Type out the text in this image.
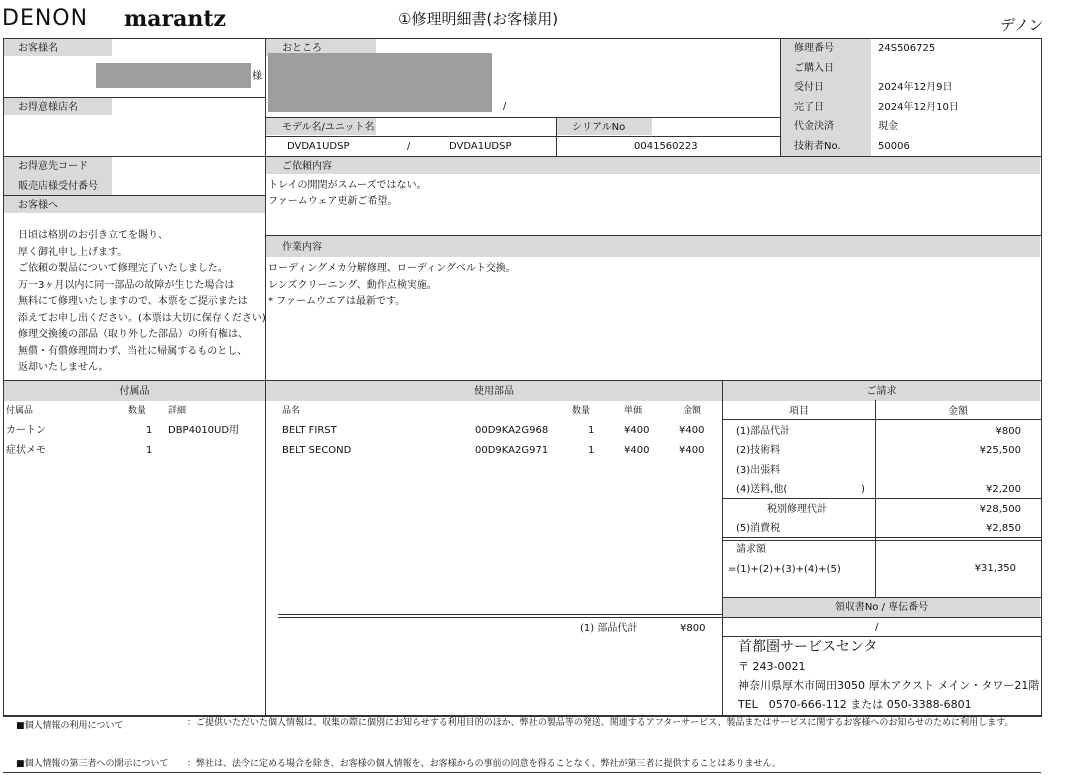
DENON marantz	①修理明細書(お客様用)	デノン
お客様名
様
お得意様店名
お得意先コード
販売店様受付番号
お客様へ
日頃は格別のお引き立てを賜り、
厚く御礼申し上げます。
ご依頼の製品について修理完了いたしました。
万一3ヶ月以内に同一部品の故障が生じた場合は
無料にて修理いたしますので、本票をご提示または
添えてお申し出ください。(本票は大切に保存ください)
修理交換後の部品（取り外した部品）の所有権は、
無償・有償修理問わず、当社に帰属するものとし、
返却いたしません。
おところ
/
モデル名/ユニット名	シリアルNo
DVDA1UDSP	/	DVDA1UDSP	0041560223
修理番号	24S506725
ご購入日
受付日	2024年12月9日
完了日	2024年12月10日
代金決済	現金
技術者No.	50006
ご依頼内容
トレイの開閉がスムーズではない。
ファームウェア更新ご希望。
作業内容
ローディングメカ分解修理、ローディングベルト交換。
レンズクリーニング、動作点検実施。
* ファームウエアは最新です。
付属品
付属品	数量 詳細
カートン	1 DBP4010UD用
症状メモ	1
使用部品
品名	数量	単価	金額
BELT FIRST	00D9KA2G968	1	¥400	¥400
BELT SECOND	00D9KA2G971	1	¥400	¥400
(1) 部品代計	¥800
ご請求
項目	金額
(1)部品代計	¥800
(2)技術料	¥25,500
(3)出張料
(4)送料,他(	)	¥2,200
税別修理代計	¥28,500
(5)消費税	¥2,850
請求額
=(1)+(2)+(3)+(4)+(5)	¥31,350
領収書No / 専伝番号
/
首都圏サービスセンタ
〒 243-0021
神奈川県厚木市岡田3050 厚木アクスト メイン・タワー21階
TEL　0570-666-112 または 050-3388-6801
■個人情報の利用について	：ご提供いただいた個人情報は、収集の際に個別にお知らせする利用目的のほか、弊社の製品等の発送、関連するアフターサービス、製品またはサービスに関するお客様へのお知らせのために利用します。
■個人情報の第三者への開示について ：弊社は、法令に定める場合を除き、お客様の個人情報を、お客様からの事前の同意を得ることなく、弊社が第三者に提供することはありません。
